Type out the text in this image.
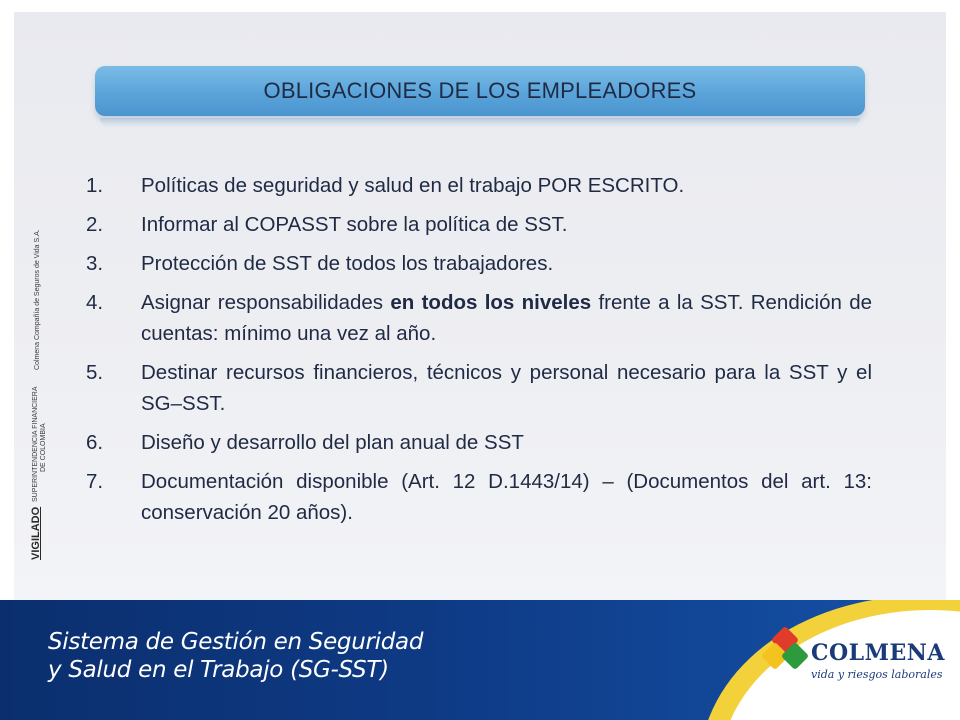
OBLIGACIONES DE LOS EMPLEADORES
1.	Políticas de seguridad y salud en el trabajo POR ESCRITO.
2.	Informar al COPASST sobre la política de SST.
3.	Protección de SST de todos los trabajadores.
4.	Asignar responsabilidades en todos los niveles frente a la SST. Rendición de cuentas: mínimo una vez al año.
5.	Destinar recursos financieros, técnicos y personal necesario para la SST y el SG–SST.
6.	Diseño y desarrollo del plan anual de SST
7.	Documentación disponible (Art. 12 D.1443/14) – (Documentos del art. 13: conservación 20 años).
VIGILADO
SUPERINTENDENCIA FINANCIERA DE COLOMBIA
Colmena Compañía de Seguros de Vida S.A.
Sistema de Gestión en Seguridad
y Salud en el Trabajo (SG-SST)
COLMENA
vida y riesgos laborales
